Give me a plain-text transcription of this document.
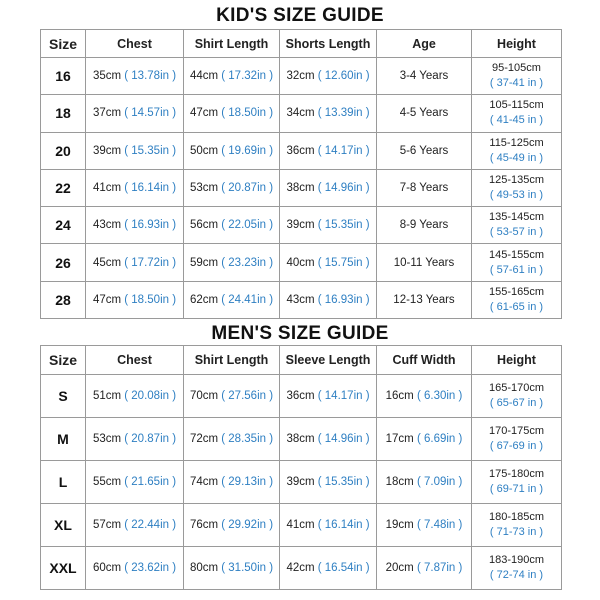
KID'S SIZE GUIDE
Size	Chest	Shirt Length	Shorts Length	Age	Height
16	35cm ( 13.78in )	44cm ( 17.32in )	32cm ( 12.60in )	3-4 Years	95-105cm
( 37-41 in )

18	37cm ( 14.57in )	47cm ( 18.50in )	34cm ( 13.39in )	4-5 Years	105-115cm
( 41-45 in )

20	39cm ( 15.35in )	50cm ( 19.69in )	36cm ( 14.17in )	5-6 Years	115-125cm
( 45-49 in )

22	41cm ( 16.14in )	53cm ( 20.87in )	38cm ( 14.96in )	7-8 Years	125-135cm
( 49-53 in )

24	43cm ( 16.93in )	56cm ( 22.05in )	39cm ( 15.35in )	8-9 Years	135-145cm
( 53-57 in )

26	45cm ( 17.72in )	59cm ( 23.23in )	40cm ( 15.75in )	10-11 Years	145-155cm
( 57-61 in )

28	47cm ( 18.50in )	62cm ( 24.41in )	43cm ( 16.93in )	12-13 Years	155-165cm
( 61-65 in )
MEN'S SIZE GUIDE
Size	Chest	Shirt Length	Sleeve Length	Cuff Width	Height
S	51cm ( 20.08in )	70cm ( 27.56in )	36cm ( 14.17in )	16cm ( 6.30in )	165-170cm
( 65-67 in )

M	53cm ( 20.87in )	72cm ( 28.35in )	38cm ( 14.96in )	17cm ( 6.69in )	170-175cm
( 67-69 in )

L	55cm ( 21.65in )	74cm ( 29.13in )	39cm ( 15.35in )	18cm ( 7.09in )	175-180cm
( 69-71 in )

XL	57cm ( 22.44in )	76cm ( 29.92in )	41cm ( 16.14in )	19cm ( 7.48in )	180-185cm
( 71-73 in )

XXL	60cm ( 23.62in )	80cm ( 31.50in )	42cm ( 16.54in )	20cm ( 7.87in )	183-190cm
( 72-74 in )
